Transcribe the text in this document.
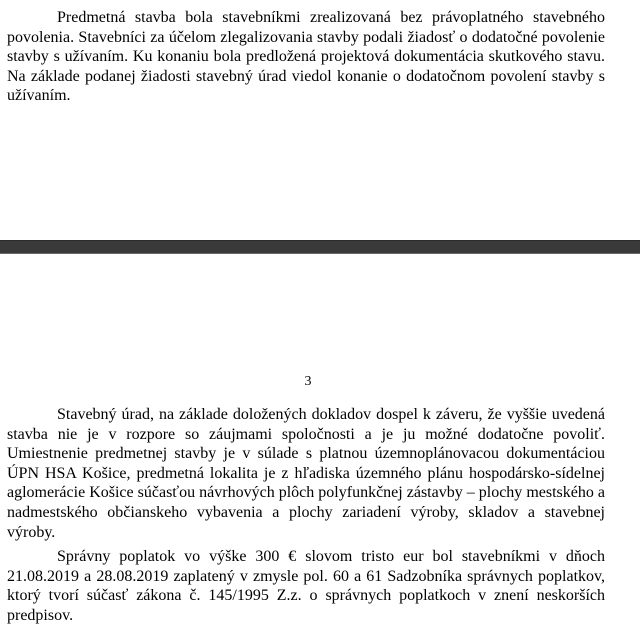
Predmetná stavba bola stavebníkmi zrealizovaná bez právoplatného stavebného povolenia. Stavebníci za účelom zlegalizovania stavby podali žiadosť o dodatočné povolenie stavby s užívaním. Ku konaniu bola predložená projektová dokumentácia skutkového stavu. Na základe podanej žiadosti stavebný úrad viedol konanie o dodatočnom povolení stavby s užívaním.

3

Stavebný úrad, na základe doložených dokladov dospel k záveru, že vyššie uvedená stavba nie je v rozpore so záujmami spoločnosti a je ju možné dodatočne povoliť. Umiestnenie predmetnej stavby je v súlade s platnou územnoplánovacou dokumentáciou ÚPN HSA Košice, predmetná lokalita je z hľadiska územného plánu hospodársko-sídelnej aglomerácie Košice súčasťou návrhových plôch polyfunkčnej zástavby – plochy mestského a nadmestského občianskeho vybavenia a plochy zariadení výroby, skladov a stavebnej výroby.

Správny poplatok vo výške 300 € slovom tristo eur bol stavebníkmi v dňoch 21.08.2019 a 28.08.2019 zaplatený v zmysle pol. 60 a 61 Sadzobníka správnych poplatkov, ktorý tvorí súčasť zákona č. 145/1995 Z.z. o správnych poplatkoch v znení neskorších predpisov.
